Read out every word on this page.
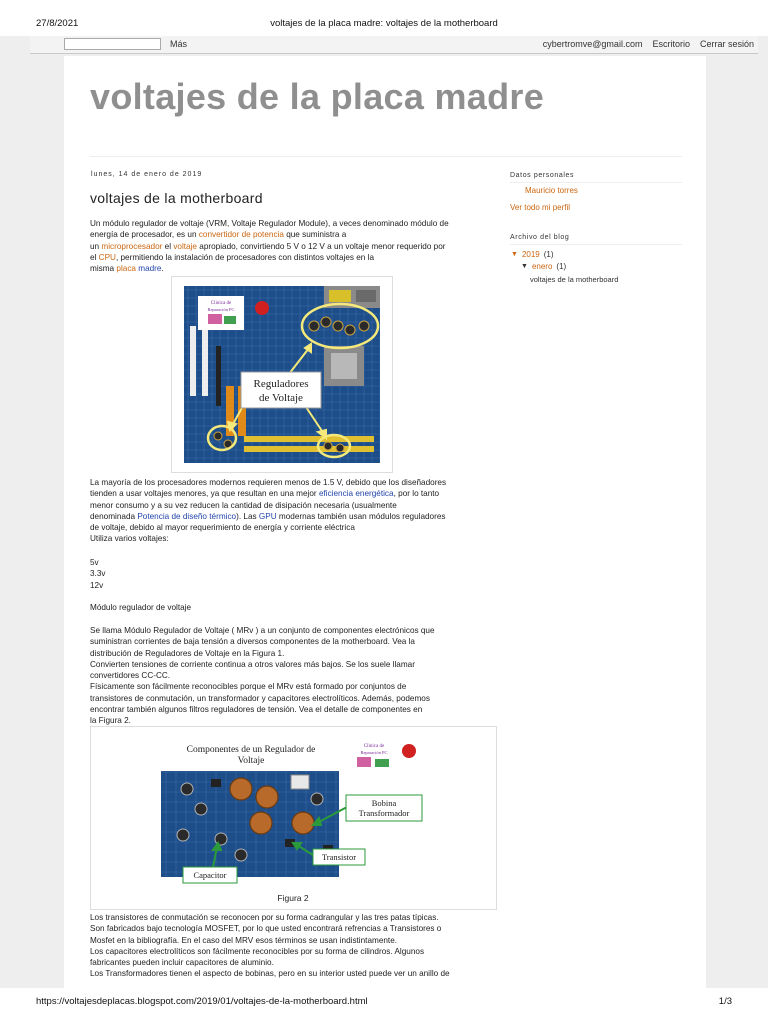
27/8/2021	voltajes de la placa madre: voltajes de la motherboard
Más	cybertromve@gmail.com Escritorio Cerrar sesión
voltajes de la placa madre
lunes, 14 de enero de 2019
voltajes de la motherboard
Un módulo regulador de voltaje (VRM, Voltaje Regulador Module), a veces denominado módulo de
energía de procesador, es un convertidor de potencia que suministra a
un microprocesador el voltaje apropiado, convirtiendo 5 V o 12 V a un voltaje menor requerido por
el CPU, permitiendo la instalación de procesadores con distintos voltajes en la
misma placa madre.
Reguladores
de Voltaje
Clinica de
Reparación PC
La mayoría de los procesadores modernos requieren menos de 1.5 V, debido que los diseñadores
tienden a usar voltajes menores, ya que resultan en una mejor eficiencia energética, por lo tanto
menor consumo y a su vez reducen la cantidad de disipación necesaria (usualmente
denominada Potencia de diseño térmico). Las GPU modernas también usan módulos reguladores
de voltaje, debido al mayor requerimiento de energía y corriente eléctrica
Utiliza varios voltajes:
5v
3.3v
12v
Módulo regulador de voltaje
Se llama Módulo Regulador de Voltaje ( MRv ) a un conjunto de componentes electrónicos que
suministran corrientes de baja tensión a diversos componentes de la motherboard. Vea la
distribución de Reguladores de Voltaje en la Figura 1.
Convierten tensiones de corriente continua a otros valores más bajos. Se los suele llamar
convertidores CC-CC.
Físicamente son fácilmente reconocibles porque el MRv está formado por conjuntos de
transistores de conmutación, un transformador y capacitores electrolíticos. Además, podemos
encontrar también algunos filtros reguladores de tensión. Vea el detalle de componentes en
la Figura 2.
Componentes de un Regulador de
Voltaje
Bobina
Transformador
Transistor
Capacitor
Clinica de
Reparación PC
Figura 2
Los transistores de conmutación se reconocen por su forma cadrangular y las tres patas típicas.
Son fabricados bajo tecnología MOSFET, por lo que usted encontrará refrencias a Transistores o
Mosfet en la bibliografía. En el caso del MRV esos términos se usan indistintamente.
Los capacitores electrolíticos son fácilmente reconocibles por su forma de cilindros. Algunos
fabricantes pueden incluir capacitores de aluminio.
Los Transformadores tienen el aspecto de bobinas, pero en su interior usted puede ver un anillo de
Datos personales
Mauricio torres
Ver todo mi perfil
Archivo del blog
▼ 2019 (1)
▼ enero (1)
voltajes de la motherboard
https://voltajesdeplacas.blogspot.com/2019/01/voltajes-de-la-motherboard.html	1/3
